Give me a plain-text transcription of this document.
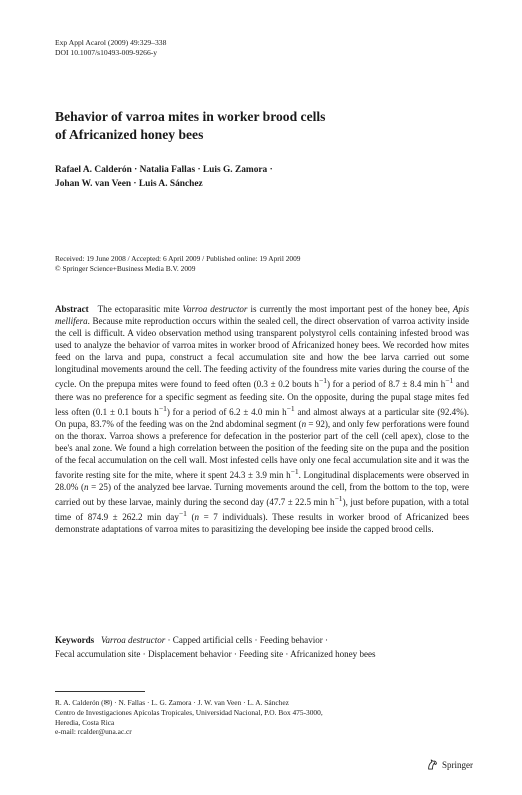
Exp Appl Acarol (2009) 49:329–338
DOI 10.1007/s10493-009-9266-y
Behavior of varroa mites in worker brood cells
of Africanized honey bees
Rafael A. Calderón · Natalia Fallas · Luis G. Zamora ·
Johan W. van Veen · Luis A. Sánchez
Received: 19 June 2008 / Accepted: 6 April 2009 / Published online: 19 April 2009
© Springer Science+Business Media B.V. 2009
Abstract The ectoparasitic mite Varroa destructor is currently the most important pest of the honey bee, Apis mellifera. Because mite reproduction occurs within the sealed cell, the direct observation of varroa activity inside the cell is difficult. A video observation method using transparent polystyrol cells containing infested brood was used to analyze the behavior of varroa mites in worker brood of Africanized honey bees. We recorded how mites feed on the larva and pupa, construct a fecal accumulation site and how the bee larva carried out some longitudinal movements around the cell. The feeding activity of the foundress mite varies during the course of the cycle. On the prepupa mites were found to feed often (0.3 ± 0.2 bouts $h^{-1}$) for a period of 8.7 ± 8.4 $\min h^{-1}$ and there was no preference for a specific segment as feeding site. On the opposite, during the pupal stage mites fed less often (0.1 ± 0.1 bouts $h^{-1}$) for a period of 6.2 ± 4.0 $\min h^{-1}$ and almost always at a particular site (92.4%). On pupa, 83.7% of the feeding was on the 2nd abdominal segment (n = 92), and only few perforations were found on the thorax. Varroa shows a preference for defecation in the posterior part of the cell (cell apex), close to the bee's anal zone. We found a high correlation between the position of the feeding site on the pupa and the position of the fecal accumulation on the cell wall. Most infested cells have only one fecal accumulation site and it was the favorite resting site for the mite, where it spent 24.3 ± 3.9 $\min h^{-1}$. Longitudinal displacements were observed in 28.0% (n = 25) of the analyzed bee larvae. Turning movements around the cell, from the bottom to the top, were carried out by these larvae, mainly during the second day (47.7 ± 22.5 $\min h^{-1}$), just before pupation, with a total time of 874.9 ± 262.2 min day$^{-1}$ (n = 7 individuals). These results in worker brood of Africanized bees demonstrate adaptations of varroa mites to parasitizing the developing bee inside the capped brood cells.
Keywords Varroa destructor · Capped artificial cells · Feeding behavior ·
Fecal accumulation site · Displacement behavior · Feeding site · Africanized honey bees
R. A. Calderón (✉) · N. Fallas · L. G. Zamora · J. W. van Veen · L. A. Sánchez
Centro de Investigaciones Apícolas Tropicales, Universidad Nacional, P.O. Box 475-3000,
Heredia, Costa Rica
e-mail: rcalder@una.ac.cr
Springer
